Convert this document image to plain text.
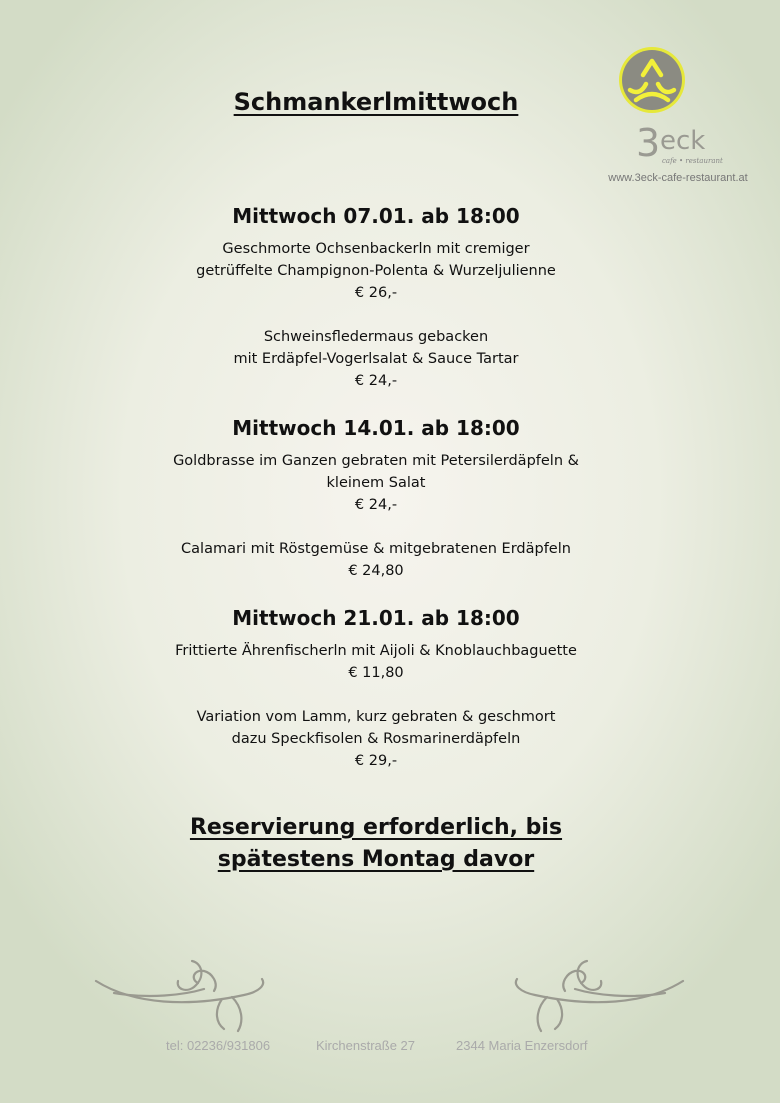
Schmankerlmittwoch
3 eck
cafe • restaurant
www.3eck-cafe-restaurant.at
Mittwoch 07.01. ab 18:00

Geschmorte Ochsenbackerln mit cremiger

getrüffelte Champignon-Polenta & Wurzeljulienne

€ 26,-

Schweinsfledermaus gebacken

mit Erdäpfel-Vogerlsalat & Sauce Tartar

€ 24,-

Mittwoch 14.01. ab 18:00

Goldbrasse im Ganzen gebraten mit Petersilerdäpfeln &

kleinem Salat

€ 24,-

Calamari mit Röstgemüse & mitgebratenen Erdäpfeln

€ 24,80

Mittwoch 21.01. ab 18:00

Frittierte Ährenfischerln mit Aijoli & Knoblauchbaguette

€ 11,80

Variation vom Lamm, kurz gebraten & geschmort

dazu Speckfisolen & Rosmarinerdäpfeln

€ 29,-

Reservierung erforderlich, bis

spätestens Montag davor

tel: 02236/931806	Kirchenstraße 27	2344 Maria Enzersdorf
